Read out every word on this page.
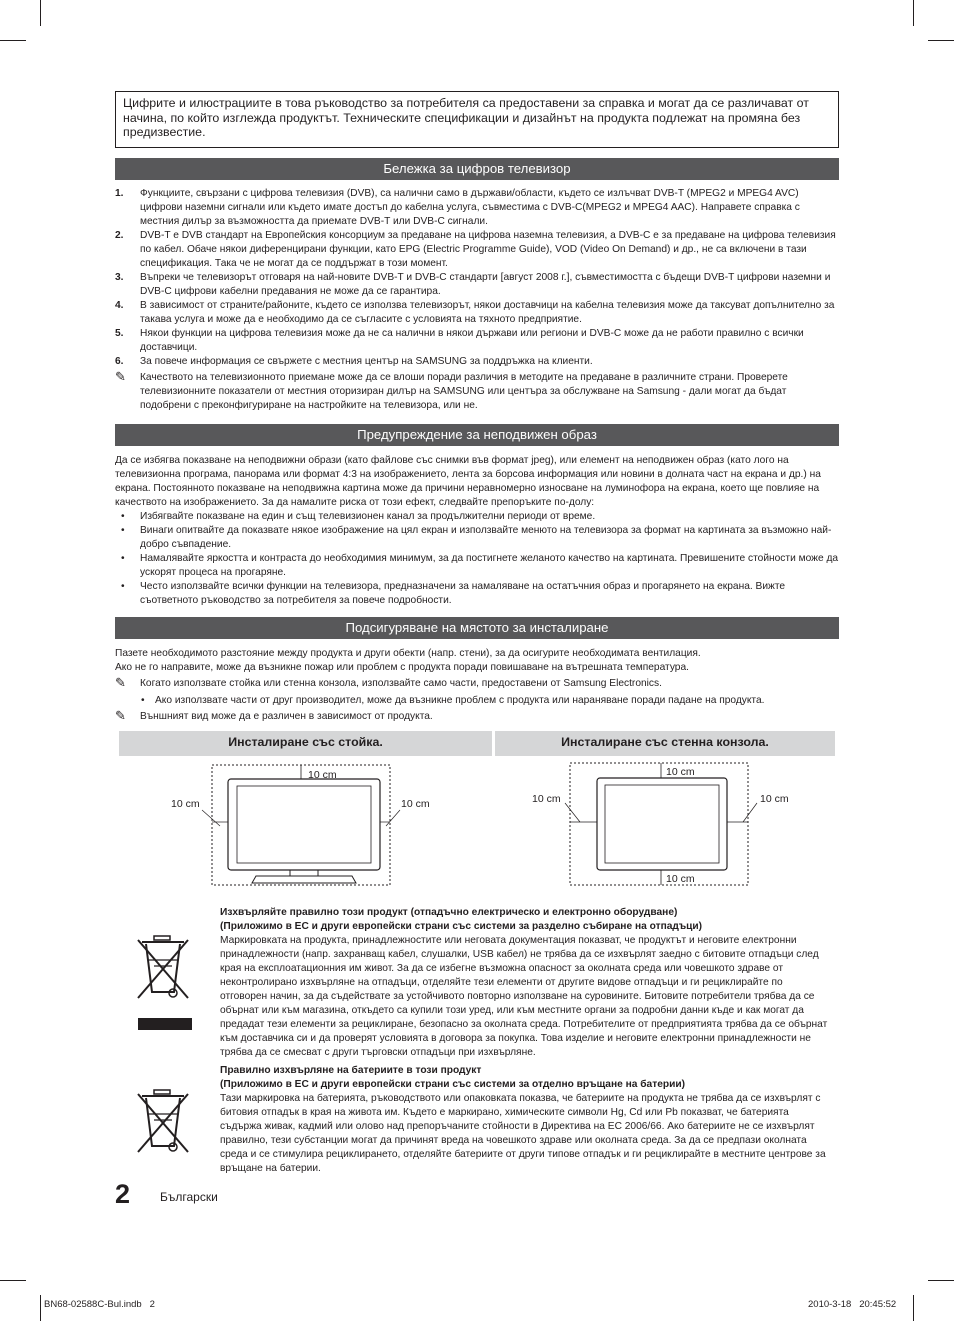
Цифрите и илюстрациите в това ръководство за потребителя са предоставени за справка и могат да се различават от начина, по който изглежда продуктът. Техническите спецификации и дизайнът на продукта подлежат на промяна без предизвестие.
Бележка за цифров телевизор
1. Функциите, свързани с цифрова телевизия (DVB), са налични само в държави/области, където се излъчват DVB-T (MPEG2 и MPEG4 AVC) цифрови наземни сигнали или където имате достъп до кабелна услуга, съвместима с DVB-C(MPEG2 и MPEG4 AAC). Направете справка с местния дилър за възможността да приемате DVB-T или DVB-C сигнали.
2. DVB-T е DVB стандарт на Европейския консорциум за предаване на цифрова наземна телевизия, а DVB-C е за предаване на цифрова телевизия по кабел. Обаче някои диференцирани функции, като EPG (Electric Programme Guide), VOD (Video On Demand) и др., не са включени в тази спецификация. Така че не могат да се поддържат в този момент.
3. Въпреки че телевизорът отговаря на най-новите DVB-T и DVB-C стандарти [август 2008 г.], съвместимостта с бъдещи DVB-T цифрови наземни и DVB-C цифрови кабелни предавания не може да се гарантира.
4. В зависимост от страните/районите, където се използва телевизорът, някои доставчици на кабелна телевизия може да таксуват допълнително за такава услуга и може да е необходимо да се съгласите с условията на тяхното предприятие.
5. Някои функции на цифрова телевизия може да не са налични в някои държави или региони и DVB-C може да не работи правилно с всички доставчици.
6. За повече информация се свържете с местния център на SAMSUNG за поддръжка на клиенти.
✎ Качеството на телевизионното приемане може да се влоши поради различия в методите на предаване в различните страни. Проверете телевизионните показатели от местния оторизиран дилър на SAMSUNG или центъра за обслужване на Samsung - дали могат да бъдат подобрени с преконфигуриране на настройките на телевизора, или не.
Предупреждение за неподвижен образ
Да се избягва показване на неподвижни образи (като файлове със снимки във формат jpeg), или елемент на неподвижен образ (като лого на телевизионна програма, панорама или формат 4:3 на изображението, лента за борсова информация или новини в долната част на екрана и др.) на екрана. Постоянното показване на неподвижна картина може да причини неравномерно износване на луминофора на екрана, което ще повлияе на качеството на изображението. За да намалите риска от този ефект, следвайте препоръките по-долу:
• Избягвайте показване на един и същ телевизионен канал за продължителни периоди от време.
• Винаги опитвайте да показвате някое изображение на цял екран и използвайте менюто на телевизора за формат на картината за възможно най-добро съвпадение.
• Намалявайте яркостта и контраста до необходимия минимум, за да постигнете желаното качество на картината. Превишените стойности може да ускорят процеса на прогаряне.
• Често използвайте всички функции на телевизора, предназначени за намаляване на остатъчния образ и прогарянето на екрана. Вижте съответното ръководство за потребителя за повече подробности.
Подсигуряване на мястото за инсталиране
Пазете необходимото разстояние между продукта и други обекти (напр. стени), за да осигурите необходимата вентилация.
Ако не го направите, може да възникне пожар или проблем с продукта поради повишаване на вътрешната температура.
✎ Когато използвате стойка или стенна конзола, използвайте само части, предоставени от Samsung Electronics.
• Ако използвате части от друг производител, може да възникне проблем с продукта или нараняване поради падане на продукта.
✎ Външният вид може да е различен в зависимост от продукта.
Инсталиране със стойка.	Инсталиране със стенна конзола.
10 cm
10 cm	10 cm
10 cm
10 cm
10 cm	10 cm
Изхвърляйте правилно този продукт (отпадъчно електрическо и електронно оборудване)
(Приложимо в ЕС и други европейски страни със системи за разделно събиране на отпадъци)
Маркировката на продукта, принадлежностите или неговата документация показват, че продуктът и неговите електронни принадлежности (напр. захранващ кабел, слушалки, USB кабел) не трябва да се изхвърлят заедно с битовите отпадъци след края на експлоатационния им живот. За да се избегне възможна опасност за околната среда или човешкото здраве от неконтролирано изхвърляне на отпадъци, отделяйте тези елементи от другите видове отпадъци и ги рециклирайте по отговорен начин, за да съдействате за устойчивото повторно използване на суровините. Битовите потребители трябва да се обърнат или към магазина, откъдето са купили този уред, или към местните органи за подробни данни къде и как могат да предадат тези елементи за рециклиране, безопасно за околната среда. Потребителите от предприятията трябва да се обърнат към доставчика си и да проверят условията в договора за покупка. Това изделие и неговите електронни принадлежности не трябва да се смесват с други търговски отпадъци при изхвърляне.
Правилно изхвърляне на батериите в този продукт
(Приложимо в ЕС и други европейски страни със системи за отделно връщане на батерии)
Тази маркировка на батерията, ръководството или опаковката показва, че батериите на продукта не трябва да се изхвърлят с битовия отпадък в края на живота им. Където е маркирано, химическите символи Hg, Cd или Pb показват, че батерията съдържа живак, кадмий или олово над препоръчаните стойности в Директива на ЕС 2006/66. Ако батериите не се изхвърлят правилно, тези субстанции могат да причинят вреда на човешкото здраве или околната среда. За да се предпази околната среда и се стимулира рециклирането, отделяйте батериите от други типове отпадък и ги рециклирайте в местните центрове за връщане на батерии.
2 Български
BN68-02588C-Bul.indb   2	2010-3-18   20:45:52
